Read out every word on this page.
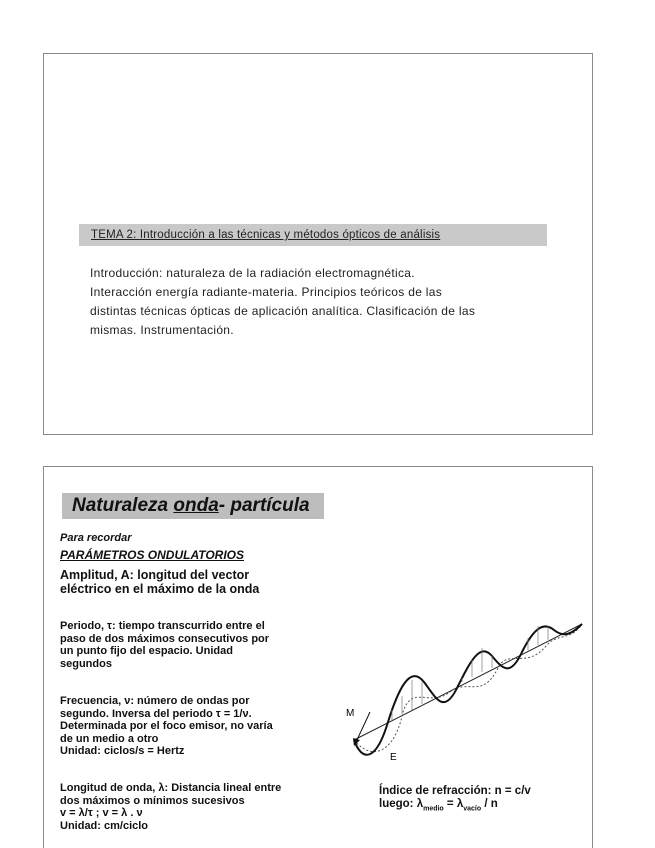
TEMA 2: Introducción a las técnicas y métodos ópticos de análisis

Introducción: naturaleza de la radiación electromagnética.

Interacción energía radiante-materia. Principios teóricos de las

distintas técnicas ópticas de aplicación analítica. Clasificación de las

mismas. Instrumentación.

Naturaleza onda- partícula
Para recordar
PARÁMETROS ONDULATORIOS

Amplitud, A: longitud del vector

eléctrico en el máximo de la onda

Periodo, τ: tiempo transcurrido entre el

paso de dos máximos consecutivos por

un punto fijo del espacio. Unidad

segundos

Frecuencia, ν: número de ondas por

segundo. Inversa del periodo τ = 1/ν.

Determinada por el foco emisor, no varía

de un medio a otro

Unidad: ciclos/s = Hertz

Longitud de onda, λ: Distancia lineal entre

dos máximos o mínimos sucesivos

v = λ/τ ; v = λ . ν

Unidad: cm/ciclo

M
E

Índice de refracción: n = c/v

luego: $\lambda_{medio} = \lambda_{vacío} / n$
